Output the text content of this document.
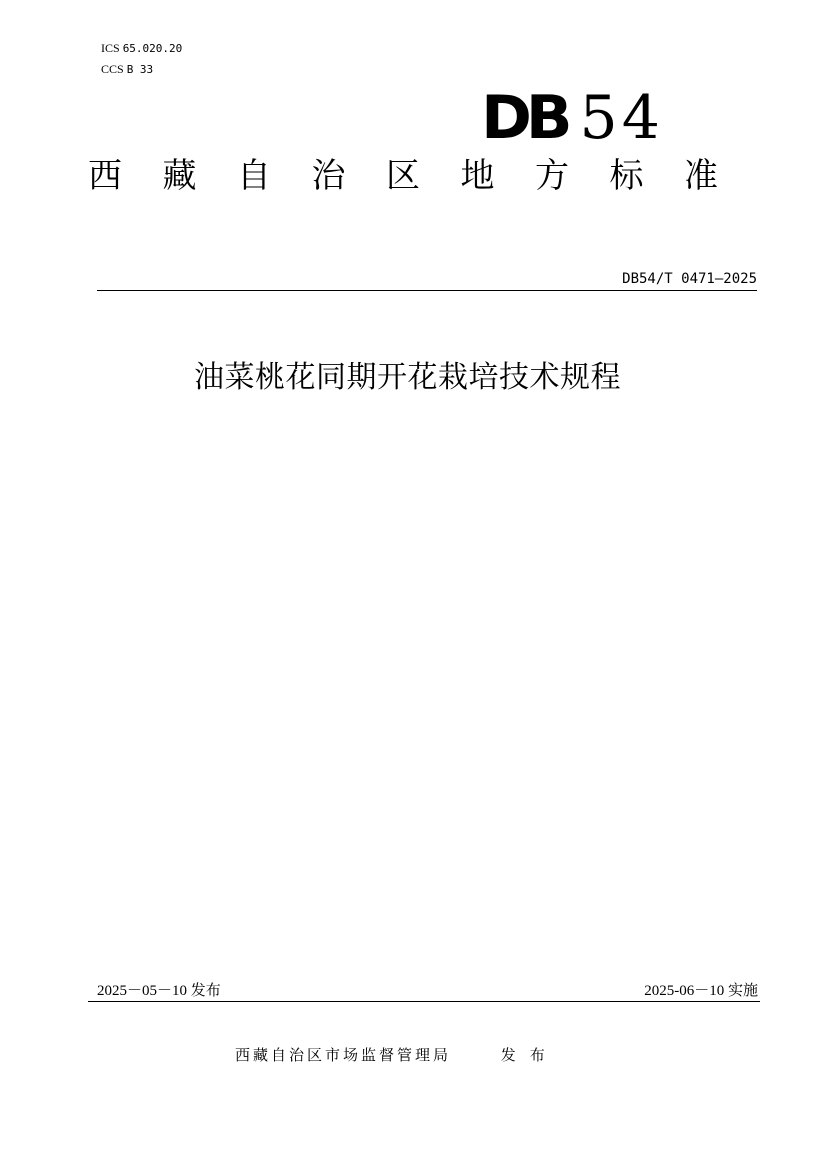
ICS 65.020.20
CCS B 33
DB 54
西 藏 自 治 区 地 方 标 准
DB54/T 0471—2025
油菜桃花同期开花栽培技术规程
2025－05－10 发布	2025-06－10 实施
西藏自治区市场监督管理局	发布
